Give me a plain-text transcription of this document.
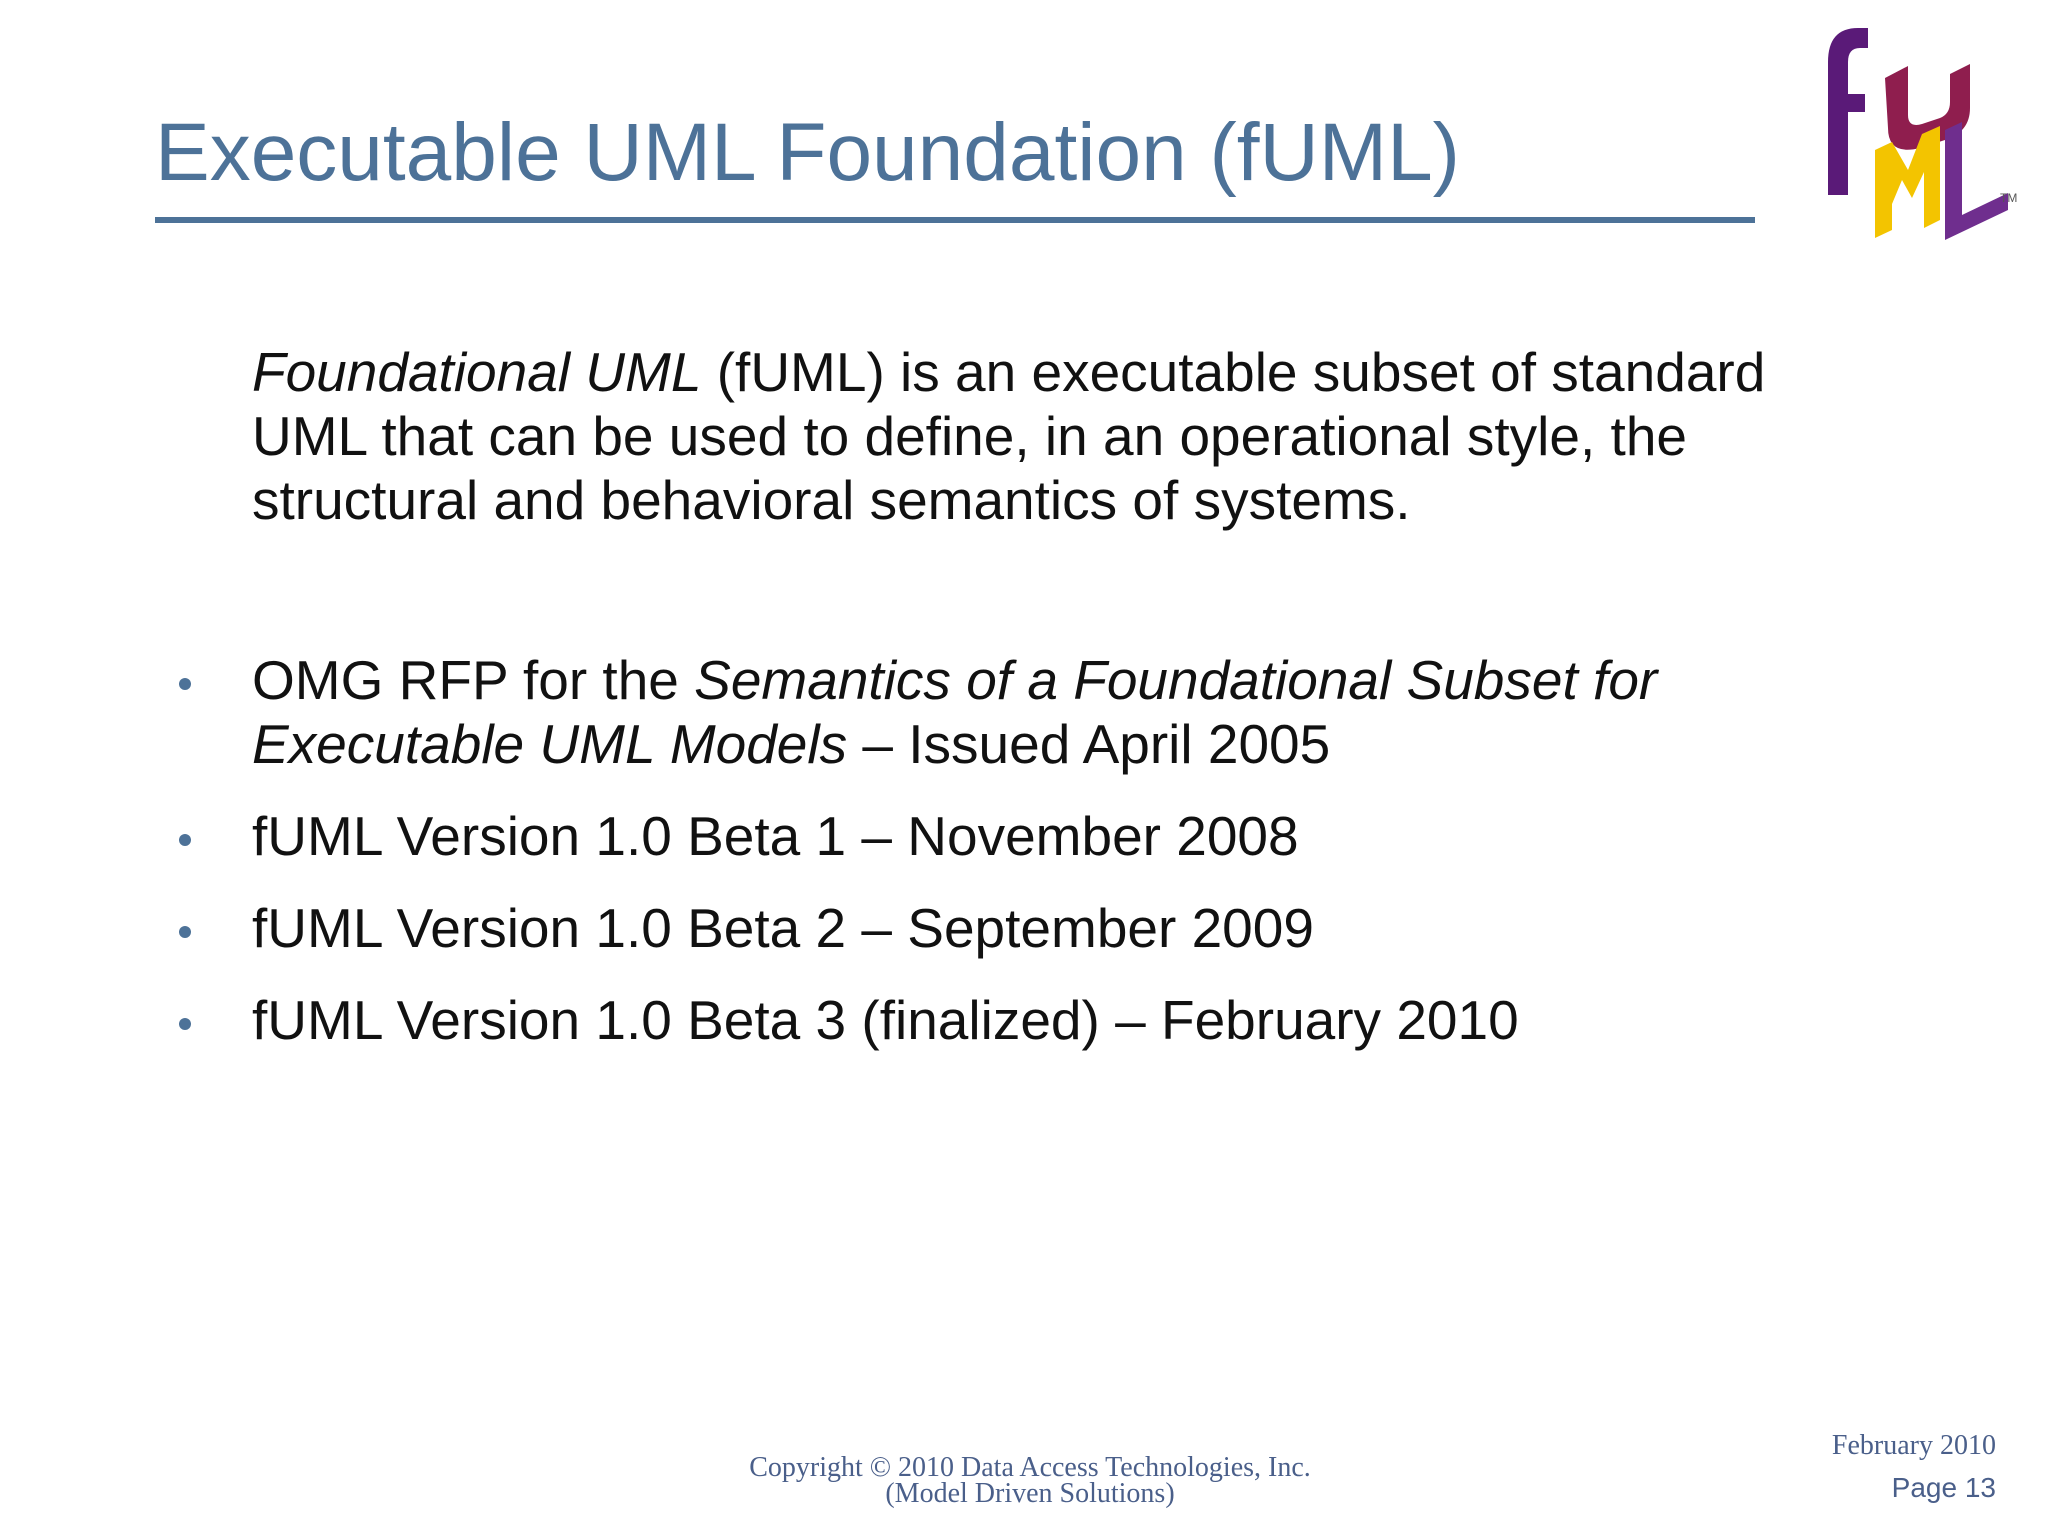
Executable UML Foundation (fUML)	TM
Foundational UML (fUML) is an executable subset of standard UML that can be used to define, in an operational style, the structural and behavioral semantics of systems.
OMG RFP for the Semantics of a Foundational Subset for Executable UML Models – Issued April 2005
fUML Version 1.0 Beta 1 – November 2008
fUML Version 1.0 Beta 2 – September 2009
fUML Version 1.0 Beta 3 (finalized) – February 2010
Copyright © 2010 Data Access Technologies, Inc.
(Model Driven Solutions)
February 2010
Page 13
